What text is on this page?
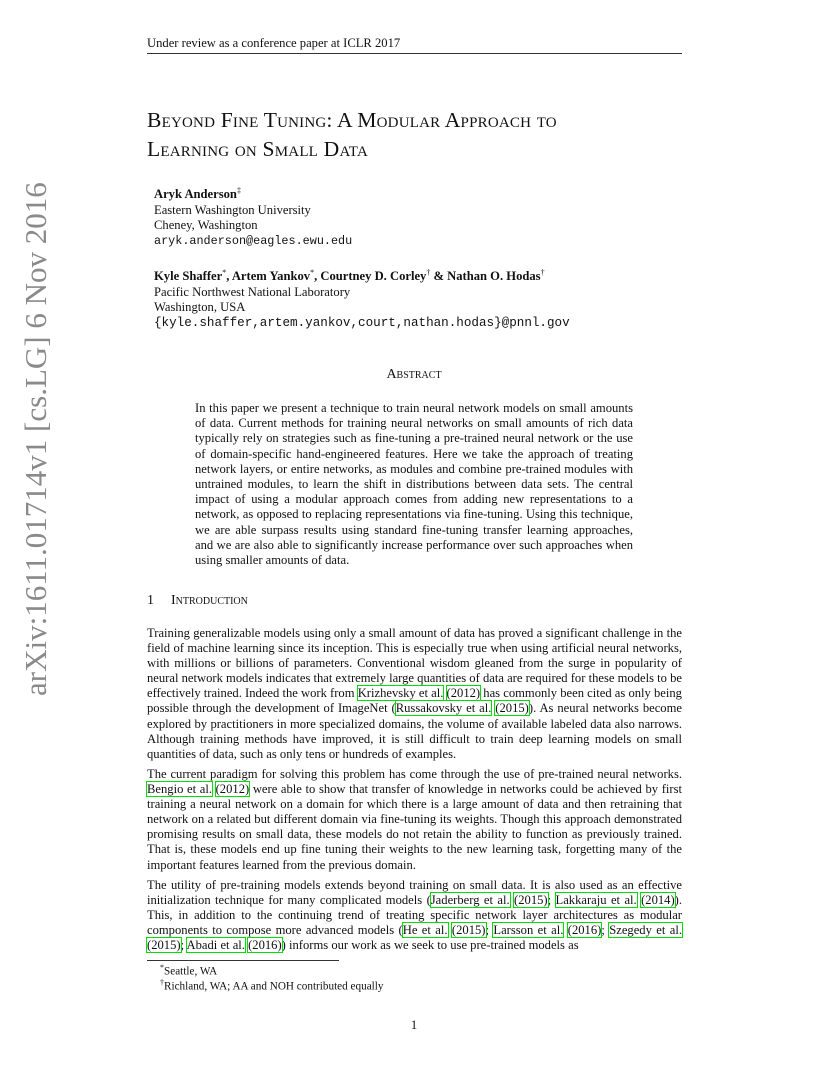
Under review as a conference paper at ICLR 2017
arXiv:1611.01714v1 [cs.LG] 6 Nov 2016
Beyond Fine Tuning: A Modular Approach to
Learning on Small Data
Aryk Anderson‡
Eastern Washington University
Cheney, Washington
aryk.anderson@eagles.ewu.edu
Kyle Shaffer*, Artem Yankov*, Courtney D. Corley† & Nathan O. Hodas†
Pacific Northwest National Laboratory
Washington, USA
{kyle.shaffer,artem.yankov,court,nathan.hodas}@pnnl.gov
Abstract
In this paper we present a technique to train neural network models on small amounts of data. Current methods for training neural networks on small amounts of rich data typically rely on strategies such as fine-tuning a pre-trained neural network or the use of domain-specific hand-engineered features. Here we take the approach of treating network layers, or entire networks, as modules and combine pre-trained modules with untrained modules, to learn the shift in distributions between data sets. The central impact of using a modular approach comes from adding new representations to a network, as opposed to replacing representations via fine-tuning. Using this technique, we are able surpass results using standard fine-tuning transfer learning approaches, and we are also able to significantly increase performance over such approaches when using smaller amounts of data.
1 Introduction
Training generalizable models using only a small amount of data has proved a significant challenge in the field of machine learning since its inception. This is especially true when using artificial neural networks, with millions or billions of parameters. Conventional wisdom gleaned from the surge in popularity of neural network models indicates that extremely large quantities of data are required for these models to be effectively trained. Indeed the work from Krizhevsky et al. (2012) has commonly been cited as only being possible through the development of ImageNet (Russakovsky et al. (2015)). As neural networks become explored by practitioners in more specialized domains, the volume of available labeled data also narrows. Although training methods have improved, it is still difficult to train deep learning models on small quantities of data, such as only tens or hundreds of examples.
The current paradigm for solving this problem has come through the use of pre-trained neural networks. Bengio et al. (2012) were able to show that transfer of knowledge in networks could be achieved by first training a neural network on a domain for which there is a large amount of data and then retraining that network on a related but different domain via fine-tuning its weights. Though this approach demonstrated promising results on small data, these models do not retain the ability to function as previously trained. That is, these models end up fine tuning their weights to the new learning task, forgetting many of the important features learned from the previous domain.
The utility of pre-training models extends beyond training on small data. It is also used as an effective initialization technique for many complicated models (Jaderberg et al. (2015); Lakkaraju et al. (2014)). This, in addition to the continuing trend of treating specific network layer architectures as modular components to compose more advanced models (He et al. (2015); Larsson et al. (2016); Szegedy et al. (2015); Abadi et al. (2016)) informs our work as we seek to use pre-trained models as
*Seattle, WA
†Richland, WA; AA and NOH contributed equally
1
